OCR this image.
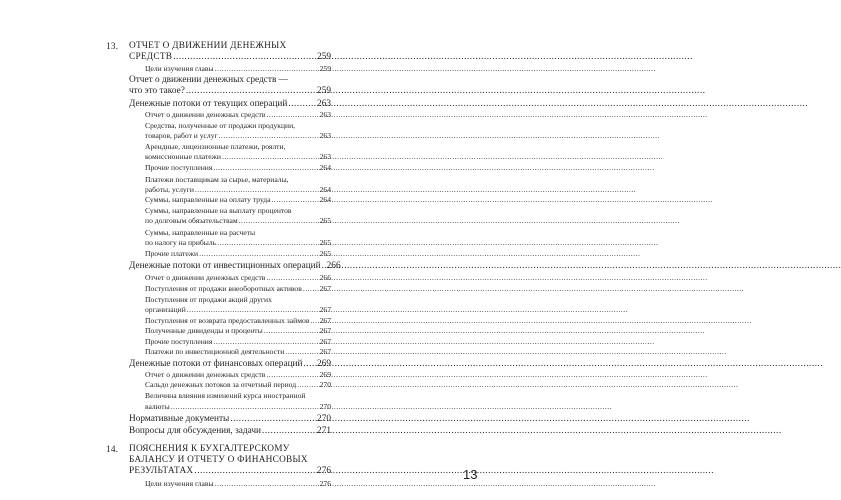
13. ОТЧЕТ О ДВИЖЕНИИ ДЕНЕЖНЫХ
СРЕДСТВ .....	259
Цели изучения главы .....	259
Отчет о движении денежных средств —
что это такое? .....	259
Денежные потоки от текущих операций .....	263
Отчет о движении денежных средств .....	263
Средства, полученные от продажи продукции,
товаров, работ и услуг .....	263
Арендные, лицензионные платежи, роялти,
комиссионные платежи .....	263
Прочие поступления .....	264
Платежи поставщикам за сырье, материалы,
работы, услуги .....	264
Суммы, направленные на оплату труда .....	264
Суммы, направленные на выплату процентов
по долговым обязательствам .....	265
Суммы, направленные на расчеты
по налогу на прибыль .....	265
Прочие платежи .....	265
Денежные потоки от инвестиционных операций ..... 266
Отчет о движении денежных средств .....	266
Поступления от продажи внеоборотных активов ..... 267
Поступления от продажи акций других
организаций .....	267
Поступления от возврата предоставленных займов ..... 267
Полученные дивиденды и проценты .....	267
Прочие поступления .....	267
Платежи по инвестиционной деятельности .....	267
Денежные потоки от финансовых операций ..... 269
Отчет о движении денежных средств .....	269
Сальдо денежных потоков за отчетный период .....	270
Величина влияния изменений курса иностранной
валюты .....	270
Нормативные документы .....	270
Вопросы для обсуждения, задачи .....	271
14. ПОЯСНЕНИЯ К БУХГАЛТЕРСКОМУ
БАЛАНСУ И ОТЧЕТУ О ФИНАНСОВЫХ
РЕЗУЛЬТАТАХ .....	276
Цели изучения главы .....	276
13
